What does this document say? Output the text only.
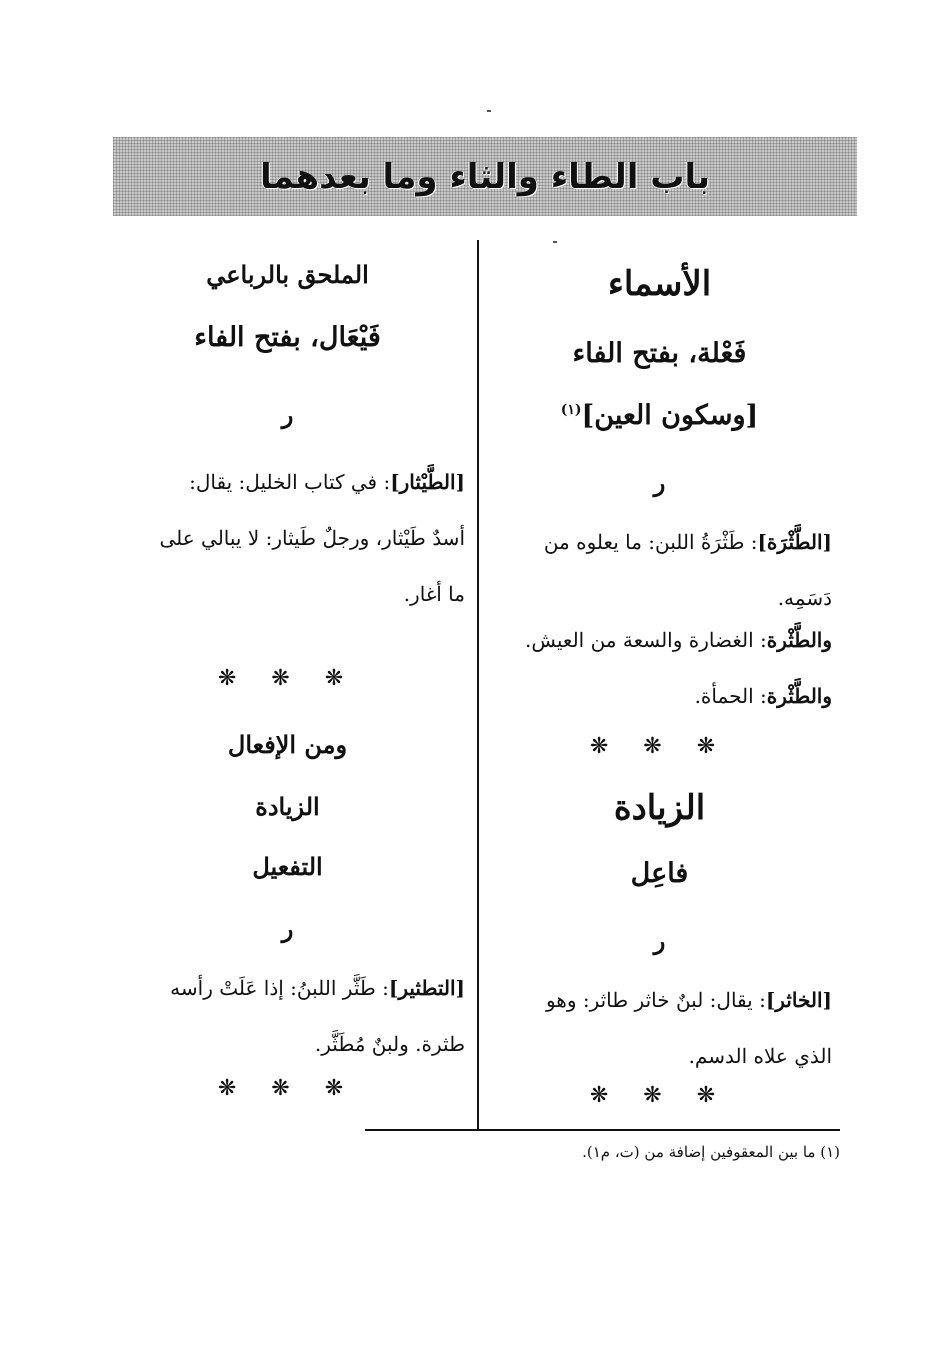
باب الطاء والثاء وما بعدهما
الأسماء
فَعْلة، بفتح الفاء
[وسكون العين]$^{(١)}$
ر
[الطَّثْرَة]: طَثْرَةُ اللبن: ما يعلوه من
دَسَمِه.
والطَّثْرة: الغضارة والسعة من العيش.
والطَّثْرة: الحمأة.
❋ ❋ ❋
الزيادة
فاعِل
ر
[الخاثر]: يقال: لبنٌ خاثر طاثر: وهو
الذي علاه الدسم.
❋ ❋ ❋
الملحق بالرباعي
فَيْعَال، بفتح الفاء
ر
[الطَّيْثار]: في كتاب الخليل: يقال:
أسدٌ طَيْثار، ورجلٌ طَيثار: لا يبالي على
ما أغار.
❋ ❋ ❋
ومن الإفعال
الزيادة
التفعيل
ر
[التطثير]: طَثَّر اللبنُ: إذا عَلَتْ رأسه
طثرة. ولبنٌ مُطَثَّر.
❋ ❋ ❋
(١) ما بين المعقوفين إضافة من (ت، م١).
